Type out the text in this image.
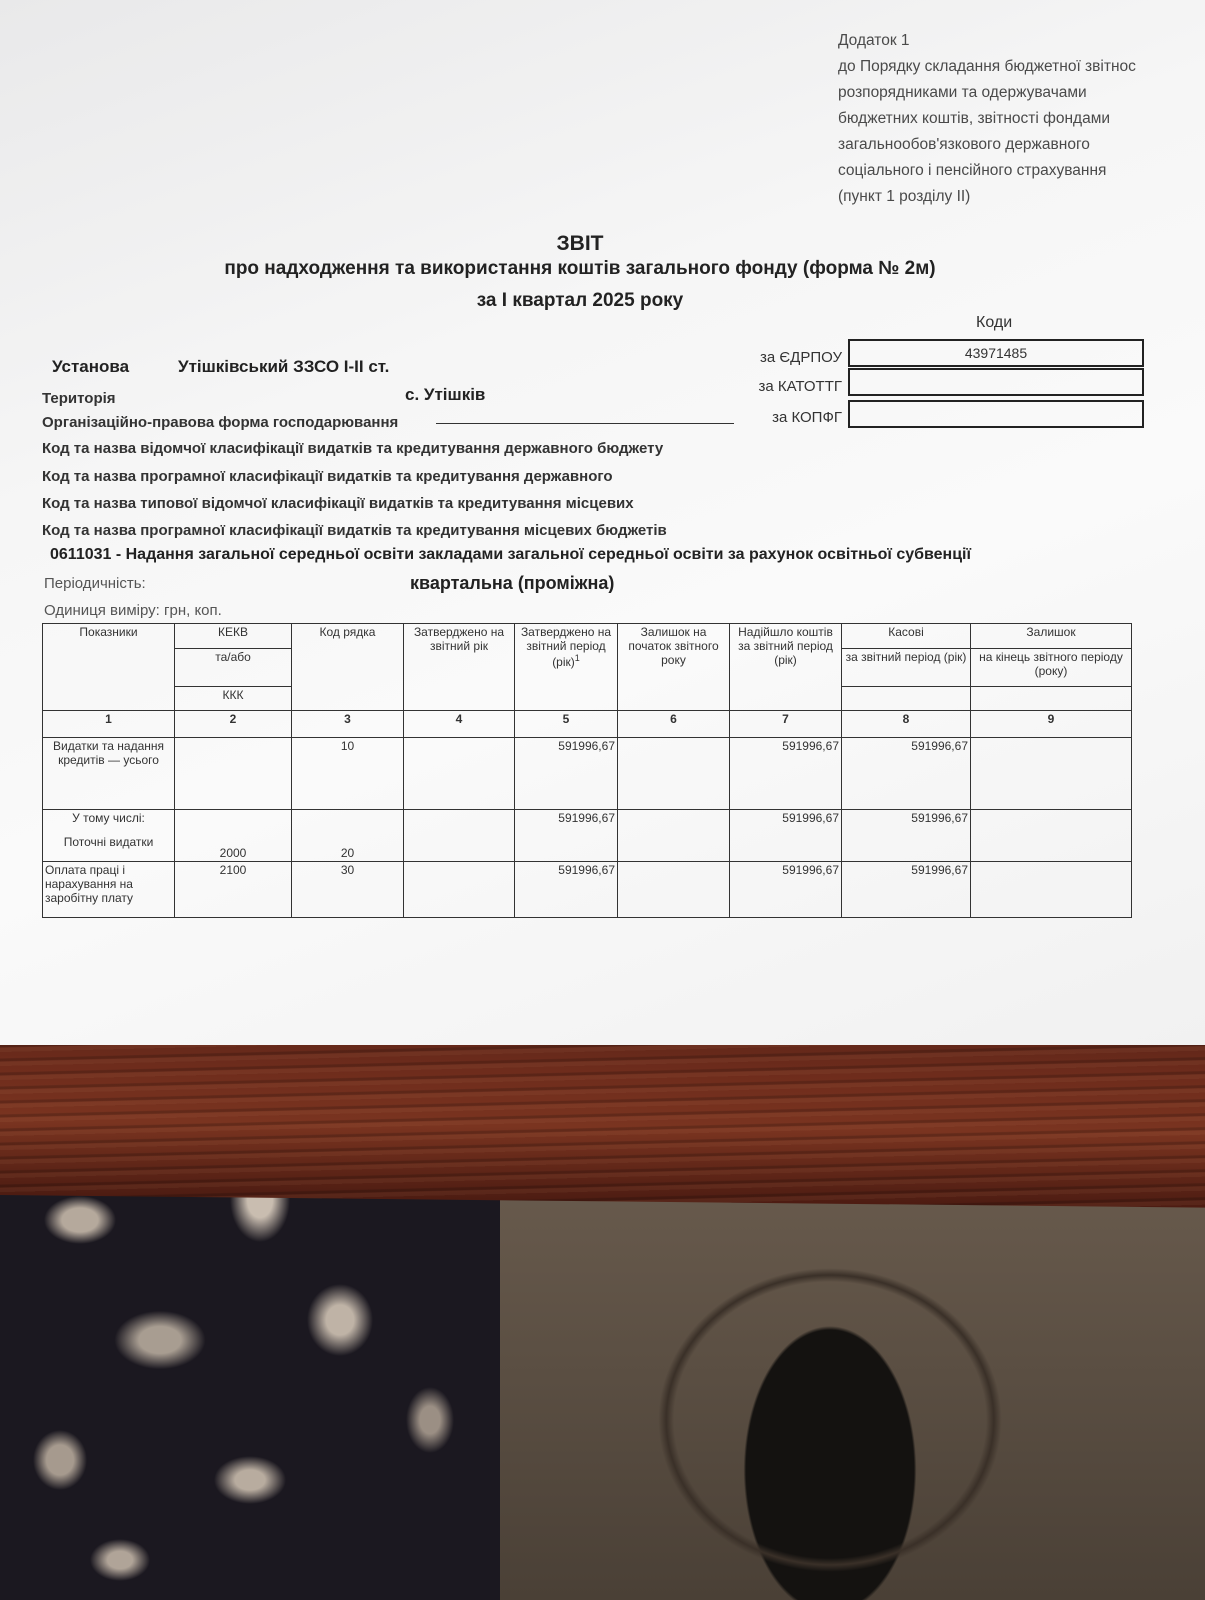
Додаток 1
до Порядку складання бюджетної звітнос
розпорядниками та одержувачами
бюджетних коштів, звітності фондами
загальнообов'язкового державного
соціального і пенсійного страхування
(пункт 1 розділу ІІ)
ЗВІТ
про надходження та використання коштів загального фонду (форма № 2м)
за I квартал 2025 року
Коди
за ЄДРПОУ	43971485
за КАТОТТГ
за КОПФГ
Установа	Утішківський ЗЗСО І-ІІ ст.
Територія	с. Утішків
Організаційно-правова форма господарювання
Код та назва відомчої класифікації видатків та кредитування державного бюджету
Код та назва програмної класифікації видатків та кредитування державного
Код та назва типової відомчої класифікації видатків та кредитування місцевих
Код та назва програмної класифікації видатків та кредитування місцевих бюджетів
0611031 - Надання загальної середньої освіти закладами загальної середньої освіти за рахунок освітньої субвенції
Періодичність:	квартальна (проміжна)
Одиниця виміру: грн, коп.
Показники	КЕКВ	Код рядка	Затверджено на звітний рік	Затверджено на звітний період (рік)$^1$	Залишок на початок звітного року	Надійшло коштів за звітний період (рік)	Касові	Залишок
	та/або						за звітний період (рік)	на кінець звітного періоду (року)
	ККК							
1	2	3	4	5	6	7	8	9
Видатки та надання кредитів — усього		10		591996,67		591996,67	591996,67	

У тому числі:
Поточні видатки	2000	20		591996,67		591996,67	591996,67	
Оплата праці і нарахування на заробітну плату	2100	30		591996,67		591996,67	591996,67	
